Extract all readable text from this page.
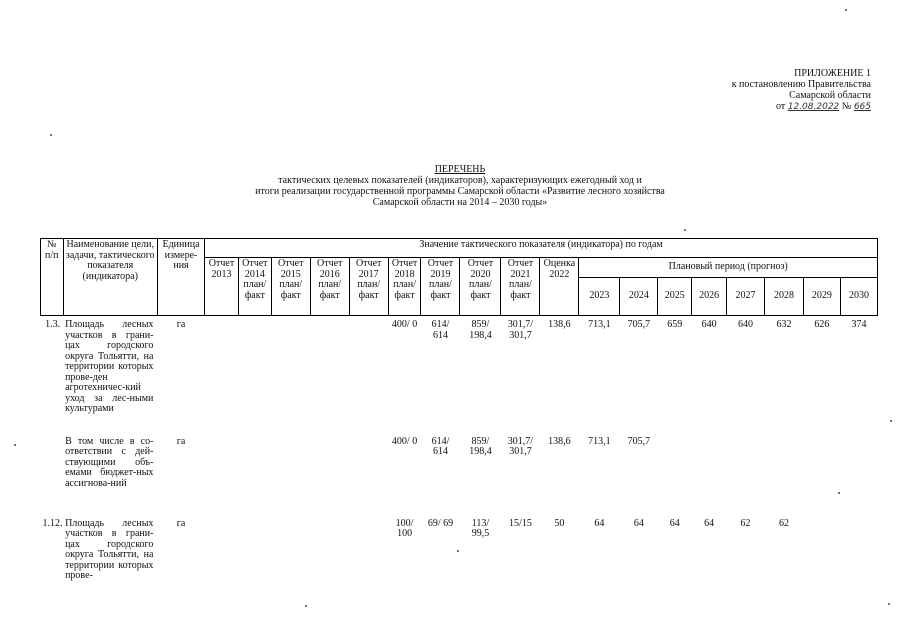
ПРИЛОЖЕНИЕ 1
к постановлению Правительства
Самарской области
от 12.08.2022 № 665
ПЕРЕЧЕНЬ
тактических целевых показателей (индикаторов), характеризующих ежегодный ход и
итоги реализации государственной программы Самарской области «Развитие лесного хозяйства
Самарской области на 2014 – 2030 годы»
№ п/п	Наименование цели, задачи, тактического показателя (индикатора)	Единица измере-ния	Значение тактического показателя (индикатора) по годам																	
			Отчет 2013	Отчет 2014 план/ факт	Отчет 2015 план/ факт	Отчет 2016 план/ факт	Отчет 2017 план/ факт	Отчет 2018 план/ факт	Отчет 2019 план/ факт	Отчет 2020 план/ факт	Отчет 2021 план/ факт	Оценка 2022	Плановый период (прогноз)							
													2023	2024	2025	2026	2027	2028	2029	2030
1.3.	Площадь лесных участков в грани-цах городского округа Тольятти, на территории которых прове-ден агротехничес-кий уход за лес-ными культурами	га						400/ 0	614/ 614	859/ 198,4	301,7/ 301,7	138,6	713,1	705,7	659	640	640	632	626	374
	В том числе в со-ответствии с дей-ствующими объ-емами бюджет-ных ассигнова-ний	га						400/ 0	614/ 614	859/ 198,4	301,7/ 301,7	138,6	713,1	705,7						
1.12.	Площадь лесных участков в грани-цах городского округа Тольятти, на территории которых прове-	га						100/ 100	69/ 69	113/ 99,5	15/15	50	64	64	64	64	62	62		
